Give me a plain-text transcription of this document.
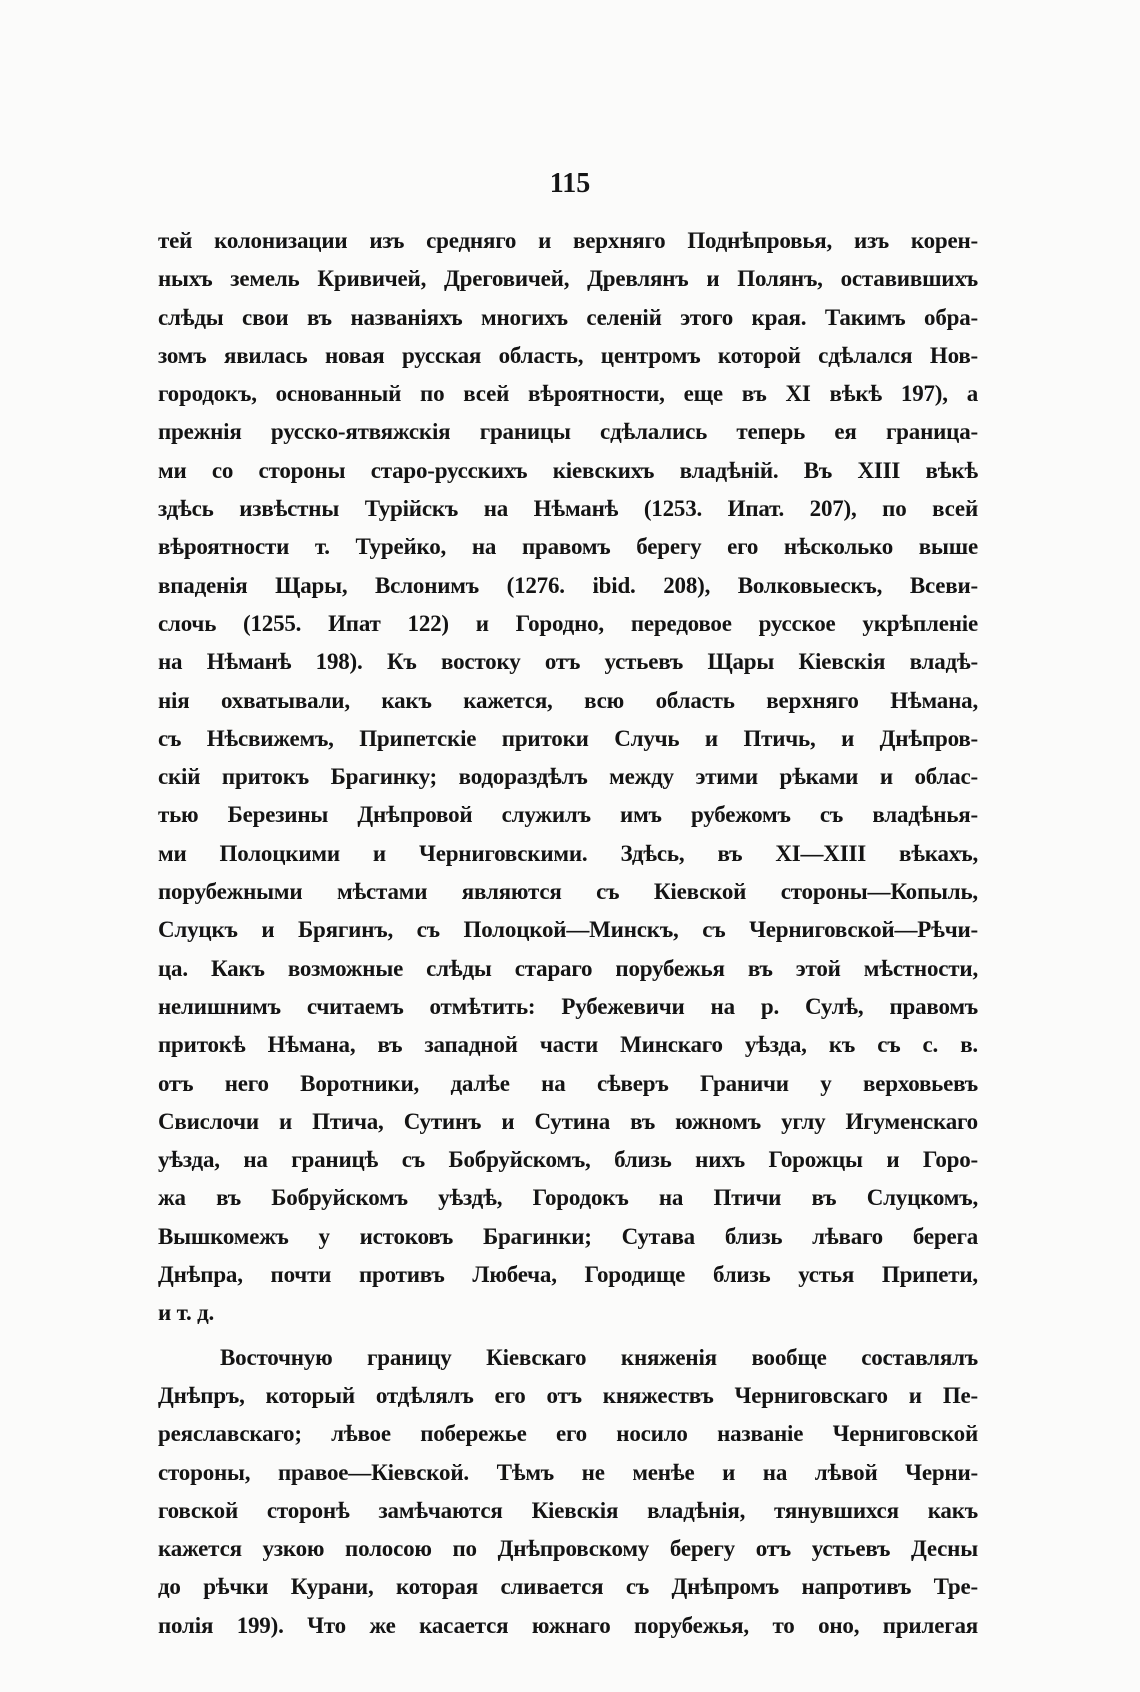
115
тей колонизации изъ средняго и верхняго Поднѣпровья, изъ корен-
ныхъ земель Кривичей, Дреговичей, Древлянъ и Полянъ, оставившихъ
слѣды свои въ названіяхъ многихъ селеній этого края. Такимъ обра-
зомъ явилась новая русская область, центромъ которой сдѣлался Нов-
городокъ, основанный по всей вѣроятности, еще въ XI вѣкѣ 197), а
прежнія русско-ятвяжскія границы сдѣлались теперь ея граница-
ми со стороны старо-русскихъ кіевскихъ владѣній. Въ XIII вѣкѣ
здѣсь извѣстны Турійскъ на Нѣманѣ (1253. Ипат. 207), по всей
вѣроятности т. Турейко, на правомъ берегу его нѣсколько выше
впаденія Щары, Вслонимъ (1276. ibid. 208), Волковыескъ, Всеви-
слочь (1255. Ипат 122) и Городно, передовое русское укрѣпленіе
на Нѣманѣ 198). Къ востоку отъ устьевъ Щары Кіевскія владѣ-
нія охватывали, какъ кажется, всю область верхняго Нѣмана,
съ Нѣсвижемъ, Припетскіе притоки Случь и Птичь, и Днѣпров-
скій притокъ Брагинку; водораздѣлъ между этими рѣками и облас-
тью Березины Днѣпровой служилъ имъ рубежомъ съ владѣнья-
ми Полоцкими и Черниговскими. Здѣсь, въ XI—XIII вѣкахъ,
порубежными мѣстами являются съ Кіевской стороны—Копыль,
Слуцкъ и Брягинъ, съ Полоцкой—Минскъ, съ Черниговской—Рѣчи-
ца. Какъ возможные слѣды стараго порубежья въ этой мѣстности,
нелишнимъ считаемъ отмѣтить: Рубежевичи на р. Сулѣ, правомъ
притокѣ Нѣмана, въ западной части Минскаго уѣзда, къ съ с. в.
отъ него Воротники, далѣе на сѣверъ Граничи у верховьевъ
Свислочи и Птича, Сутинъ и Сутина въ южномъ углу Игуменскаго
уѣзда, на границѣ съ Бобруйскомъ, близь нихъ Горожцы и Горо-
жа въ Бобруйскомъ уѣздѣ, Городокъ на Птичи въ Слуцкомъ,
Вышкомежъ у истоковъ Брагинки; Сутава близь лѣваго берега
Днѣпра, почти противъ Любеча, Городище близь устья Припети,
и т. д.
Восточную границу Кіевскаго княженія вообще составлялъ
Днѣпръ, который отдѣлялъ его отъ княжествъ Черниговскаго и Пе-
реяславскаго; лѣвое побережье его носило названіе Черниговской
стороны, правое—Кіевской. Тѣмъ не менѣе и на лѣвой Черни-
говской сторонѣ замѣчаются Кіевскія владѣнія, тянувшихся какъ
кажется узкою полосою по Днѣпровскому берегу отъ устьевъ Десны
до рѣчки Курани, которая сливается съ Днѣпромъ напротивъ Тре-
полія 199). Что же касается южнаго порубежья, то оно, прилегая
